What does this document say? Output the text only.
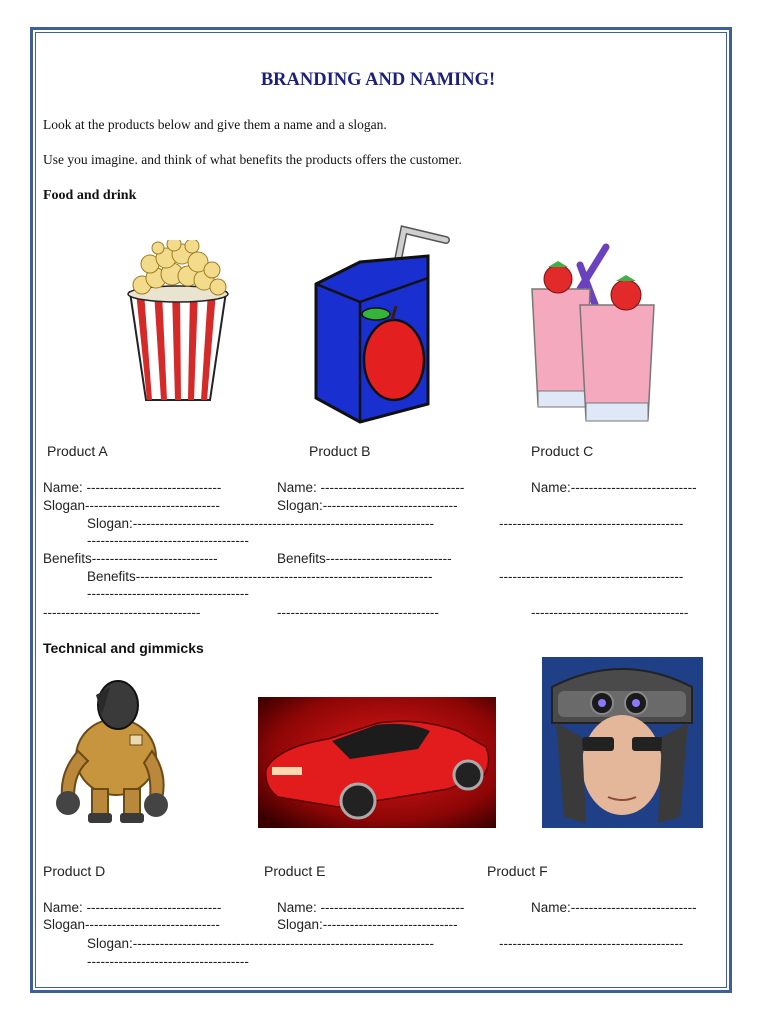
BRANDING AND NAMING!
Look at the products below and give them a name and a slogan.
Use you imagine. and think of what benefits the products offers the customer.
Food and drink
Product A	Product B	Product C
Name: ------------------------------	Name: --------------------------------	Name:----------------------------
Slogan------------------------------	Slogan:------------------------------
Slogan:-------------------------------------------------------------------	-----------------------------------------
------------------------------------
Benefits----------------------------	Benefits----------------------------
Benefits------------------------------------------------------------------	-----------------------------------------
------------------------------------
-----------------------------------	------------------------------------	-----------------------------------
Technical and gimmicks
Product D	Product E	Product F
Name: ------------------------------	Name: --------------------------------	Name:----------------------------
Slogan------------------------------	Slogan:------------------------------
Slogan:-------------------------------------------------------------------	-----------------------------------------
------------------------------------
